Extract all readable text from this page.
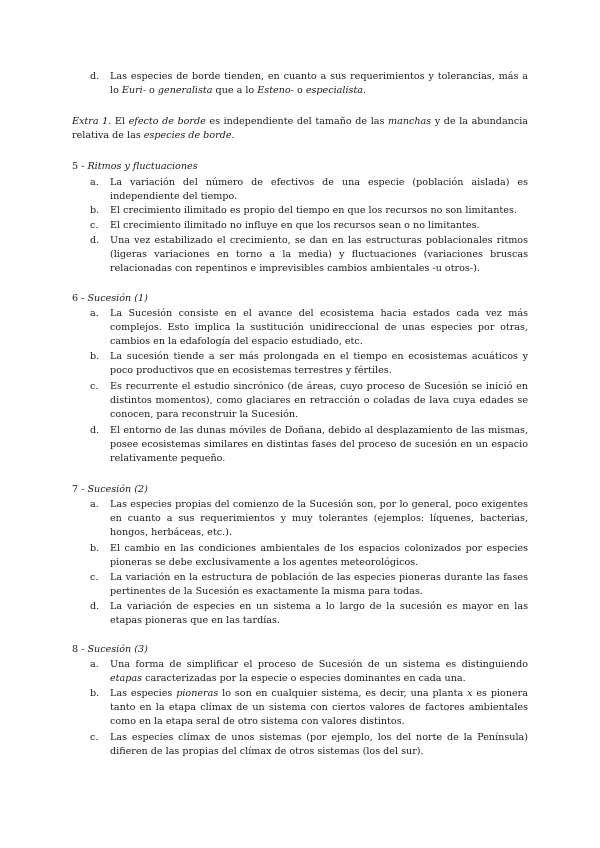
d. Las especies de borde tienden, en cuanto a sus requerimientos y tolerancias, más a lo Euri- o generalista que a lo Esteno- o especialista.
Extra 1. El efecto de borde es independiente del tamaño de las manchas y de la abundancia relativa de las especies de borde.
5 - Ritmos y fluctuaciones
a. La variación del número de efectivos de una especie (población aislada) es independiente del tiempo.
b. El crecimiento ilimitado es propio del tiempo en que los recursos no son limitantes.
c. El crecimiento ilimitado no influye en que los recursos sean o no limitantes.
d. Una vez estabilizado el crecimiento, se dan en las estructuras poblacionales ritmos (ligeras variaciones en torno a la media) y fluctuaciones (variaciones bruscas relacionadas con repentinos e imprevisibles cambios ambientales -u otros-).
6 - Sucesión (1)
a. La Sucesión consiste en el avance del ecosistema hacia estados cada vez más complejos. Esto implica la sustitución unidireccional de unas especies por otras, cambios en la edafología del espacio estudiado, etc.
b. La sucesión tiende a ser más prolongada en el tiempo en ecosistemas acuáticos y poco productivos que en ecosistemas terrestres y fértiles.
c. Es recurrente el estudio sincrónico (de áreas, cuyo proceso de Sucesión se inició en distintos momentos), como glaciares en retracción o coladas de lava cuya edades se conocen, para reconstruir la Sucesión.
d. El entorno de las dunas móviles de Doñana, debido al desplazamiento de las mismas, posee ecosistemas similares en distintas fases del proceso de sucesión en un espacio relativamente pequeño.
7 - Sucesión (2)
a. Las especies propias del comienzo de la Sucesión son, por lo general, poco exigentes en cuanto a sus requerimientos y muy tolerantes (ejemplos: líquenes, bacterias, hongos, herbáceas, etc.).
b. El cambio en las condiciones ambientales de los espacios colonizados por especies pioneras se debe exclusivamente a los agentes meteorológicos.
c. La variación en la estructura de población de las especies pioneras durante las fases pertinentes de la Sucesión es exactamente la misma para todas.
d. La variación de especies en un sistema a lo largo de la sucesión es mayor en las etapas pioneras que en las tardías.
8 - Sucesión (3)
a. Una forma de simplificar el proceso de Sucesión de un sistema es distinguiendo etapas caracterizadas por la especie o especies dominantes en cada una.
b. Las especies pioneras lo son en cualquier sistema, es decir, una planta x es pionera tanto en la etapa clímax de un sistema con ciertos valores de factores ambientales como en la etapa seral de otro sistema con valores distintos.
c. Las especies clímax de unos sistemas (por ejemplo, los del norte de la Península) difieren de las propias del clímax de otros sistemas (los del sur).
